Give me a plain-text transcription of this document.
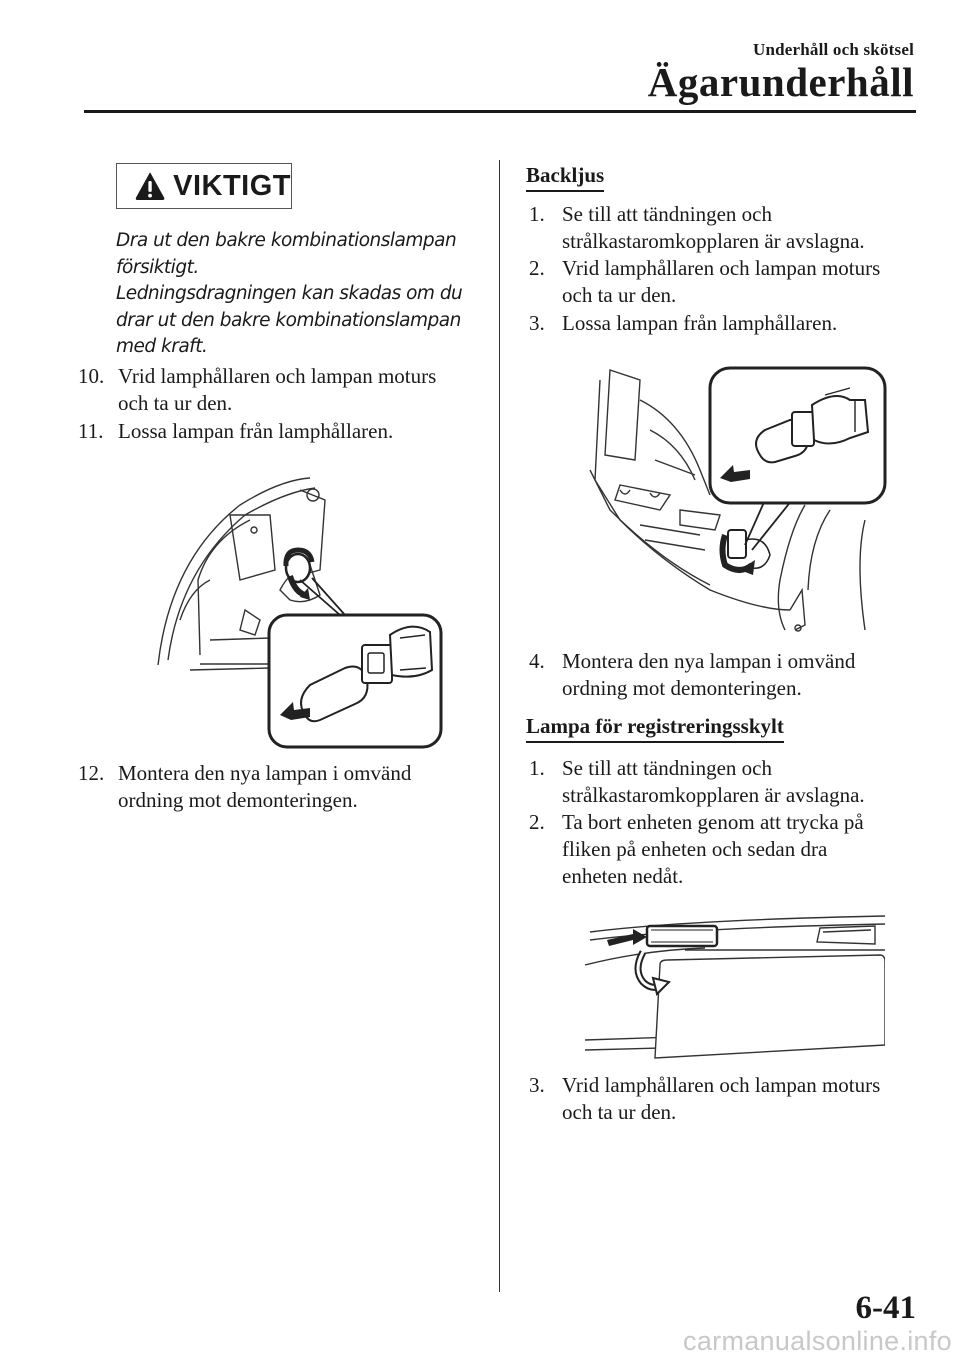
Underhåll och skötsel
Ägarunderhåll
VIKTIGT

Dra ut den bakre kombinationslampan

försiktigt.

Ledningsdragningen kan skadas om du

drar ut den bakre kombinationslampan

med kraft.

10. Vrid lamphållaren och lampan moturs
och ta ur den.
11. Lossa lampan från lamphållaren.
12. Montera den nya lampan i omvänd
ordning mot demonteringen.
Backljus
1. Se till att tändningen och
strålkastaromkopplaren är avslagna.
2. Vrid lamphållaren och lampan moturs
och ta ur den.
3. Lossa lampan från lamphållaren.
4. Montera den nya lampan i omvänd
ordning mot demonteringen.
Lampa för registreringsskylt
1. Se till att tändningen och
strålkastaromkopplaren är avslagna.
2. Ta bort enheten genom att trycka på
fliken på enheten och sedan dra
enheten nedåt.
3. Vrid lamphållaren och lampan moturs
och ta ur den.
6-41
carmanualsonline.info
